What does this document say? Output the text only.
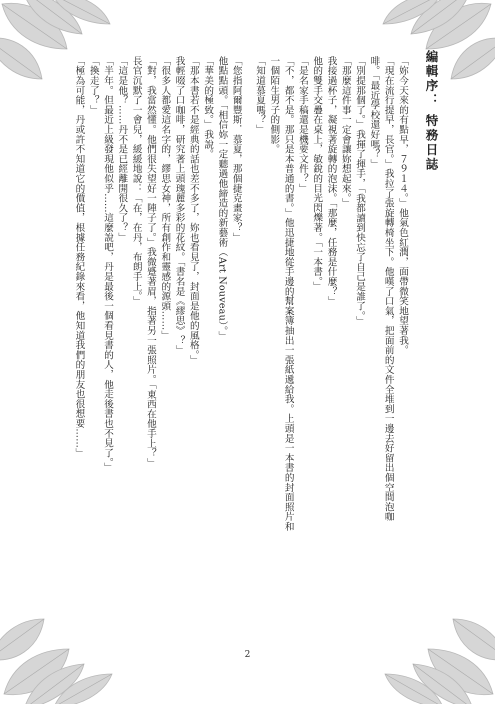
編輯序：特務日誌

「妳今天來的有點早，７９１４。」他氣色紅潤，面帶微笑地望著我。

「現在流行提早，長官。」我拉了張旋轉椅坐下。他嘆了口氣，把面前的文件全堆到一邊去好留出個空間泡咖啡。「最近學校還好嗎？」

「別提那個了。」我揮了揮手，「我都讀到快忘了自己是誰了。」

「那麼這件事一定會讓妳想起來。」

我接過杯子，凝視著旋轉的泡沫。「那麼，任務是什麼？」

他的雙手交疊在桌上，敏銳的目光閃爍著。「一本書。」

「是名家手稿還是機要文件？」

「不，都不是。那只是本普通的書。」他迅捷地從手邊的幫案簿抽出一張紙遞給我。上頭是一本書的封面照片和一個陌生男子的側影。

「知道慕夏嗎？」

「您指阿爾豐斯．慕夏，那個捷克畫家？」

他點點頭。「相信妳一定聽過他締造的新藝術（Art Nouveau）。」

「華美的極致。」我說。

「那本書若不是經典的話也差不多了，妳也看見了，封面是他的風格。」

我輕啜了口咖啡，研究著上頭瑰麗多彩的花紋。「書名是《繆思》？」

「很多人都愛這名字的，繆思女神，所有創作和靈感的源頭……」

「對，我當然懂。他們很失望好一陣子了。」我微蹙著眉，指著另一張照片。「東西在他手上？」

長官沉默了一會兒，緩緩地說：「在，在丹，布朗手上。」

「這是他？……丹不是已經離開很久了？」

「半年。但最近上級發現他似乎……這麼說吧，丹是最後一個看見書的人，他走後書也不見了。」

「換走了？」

「極為可能，丹或許不知道它的價值，根據任務紀錄來看，他知道我們的朋友也很想要……」

2
